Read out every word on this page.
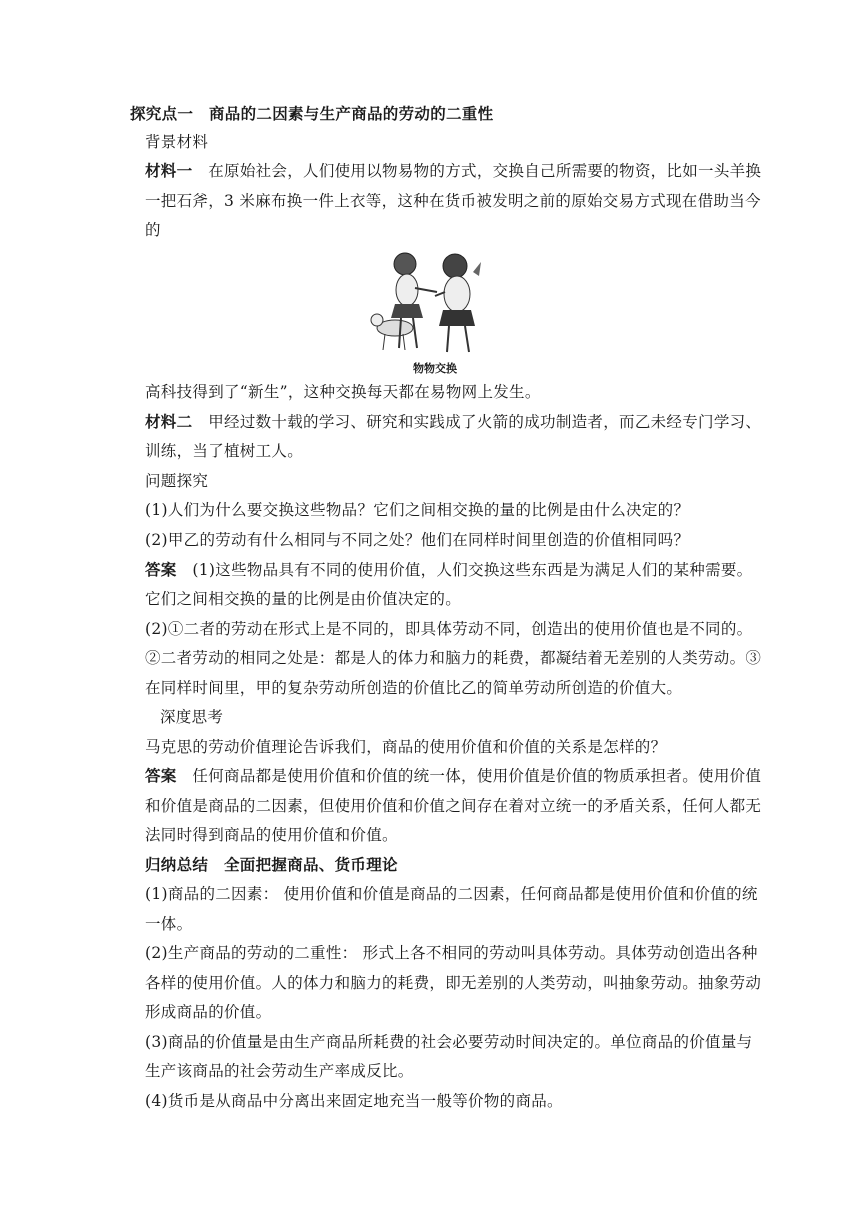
探究点一　商品的二因素与生产商品的劳动的二重性
背景材料
材料一　 在原始社会，人们使用以物易物的方式，交换自己所需要的物资，比如一头羊换
一把石斧，3 米麻布换一件上衣等，这种在货币被发明之前的原始交易方式现在借助当今
的
物物交换
高科技得到了“新生”，这种交换每天都在易物网上发生。
材料二　 甲经过数十载的学习、研究和实践成了火箭的成功制造者，而乙未经专门学习、
训练，当了植树工人。
问题探究
(1)人们为什么要交换这些物品？它们之间相交换的量的比例是由什么决定的？
(2)甲乙的劳动有什么相同与不同之处？他们在同样时间里创造的价值相同吗？
答案　 (1)这些物品具有不同的使用价值，人们交换这些东西是为满足人们的某种需要。
它们之间相交换的量的比例是由价值决定的。
(2)①二者的劳动在形式上是不同的，即具体劳动不同，创造出的使用价值也是不同的。
②二者劳动的相同之处是：都是人的体力和脑力的耗费，都凝结着无差别的人类劳动。③
在同样时间里，甲的复杂劳动所创造的价值比乙的简单劳动所创造的价值大。
深度思考
马克思的劳动价值理论告诉我们，商品的使用价值和价值的关系是怎样的？
答案　 任何商品都是使用价值和价值的统一体，使用价值是价值的物质承担者。使用价值
和价值是商品的二因素，但使用价值和价值之间存在着对立统一的矛盾关系，任何人都无
法同时得到商品的使用价值和价值。
归纳总结　全面把握商品、货币理论
(1)商品的二因素： 使用价值和价值是商品的二因素，任何商品都是使用价值和价值的统
一体。
(2)生产商品的劳动的二重性： 形式上各不相同的劳动叫具体劳动。具体劳动创造出各种
各样的使用价值。人的体力和脑力的耗费，即无差别的人类劳动，叫抽象劳动。抽象劳动
形成商品的价值。
(3)商品的价值量是由生产商品所耗费的社会必要劳动时间决定的。单位商品的价值量与
生产该商品的社会劳动生产率成反比。
(4)货币是从商品中分离出来固定地充当一般等价物的商品。
